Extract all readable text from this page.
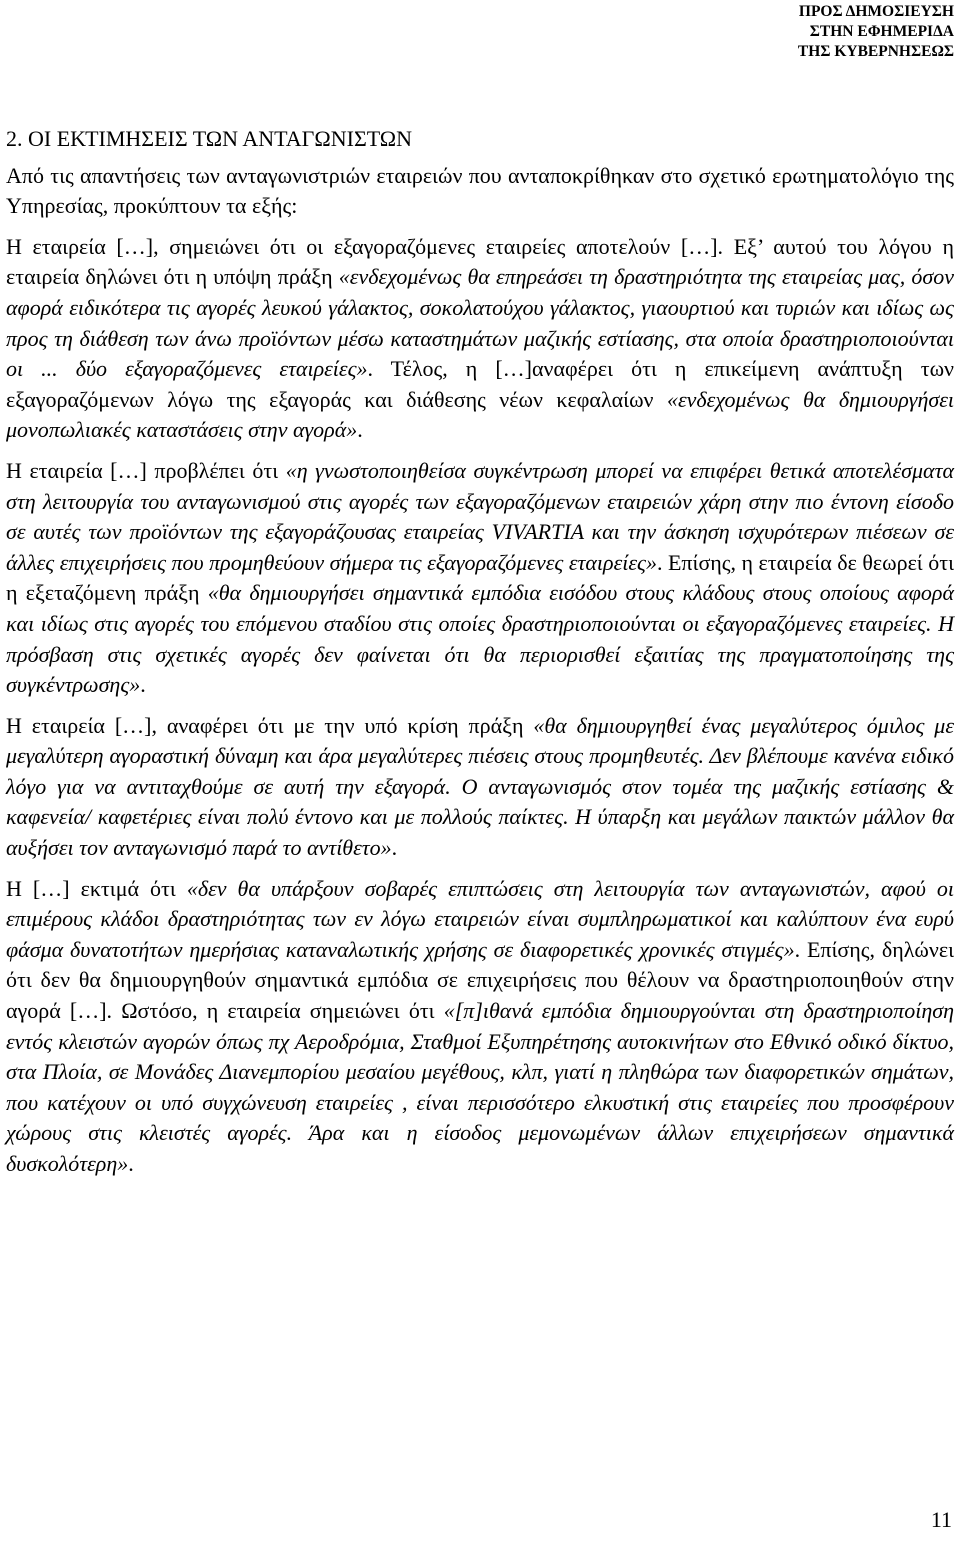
ΠΡΟΣ ΔΗΜΟΣΙΕΥΣΗ
ΣΤΗΝ ΕΦΗΜΕΡΙΔΑ
ΤΗΣ ΚΥΒΕΡΝΗΣΕΩΣ
2. ΟΙ ΕΚΤΙΜΗΣΕΙΣ ΤΩΝ ΑΝΤΑΓΩΝΙΣΤΩΝ

Από τις απαντήσεις των ανταγωνιστριών εταιρειών που ανταποκρίθηκαν στο σχετικό ερωτηματολόγιο της Υπηρεσίας, προκύπτουν τα εξής:

Η εταιρεία […], σημειώνει ότι οι εξαγοραζόμενες εταιρείες αποτελούν […]. Εξ’ αυτού του λόγου η εταιρεία δηλώνει ότι η υπόψη πράξη «ενδεχομένως θα επηρεάσει τη δραστηριότητα της εταιρείας μας, όσον αφορά ειδικότερα τις αγορές λευκού γάλακτος, σοκολατούχου γάλακτος, γιαουρτιού και τυριών και ιδίως ως προς τη διάθεση των άνω προϊόντων μέσω καταστημάτων μαζικής εστίασης, στα οποία δραστηριοποιούνται οι ... δύο εξαγοραζόμενες εταιρείες». Τέλος, η […]αναφέρει ότι η επικείμενη ανάπτυξη των εξαγοραζόμενων λόγω της εξαγοράς και διάθεσης νέων κεφαλαίων «ενδεχομένως θα δημιουργήσει μονοπωλιακές καταστάσεις στην αγορά».

Η εταιρεία […] προβλέπει ότι «η γνωστοποιηθείσα συγκέντρωση μπορεί να επιφέρει θετικά αποτελέσματα στη λειτουργία του ανταγωνισμού στις αγορές των εξαγοραζόμενων εταιρειών χάρη στην πιο έντονη είσοδο σε αυτές των προϊόντων της εξαγοράζουσας εταιρείας VIVARTIA και την άσκηση ισχυρότερων πιέσεων σε άλλες επιχειρήσεις που προμηθεύουν σήμερα τις εξαγοραζόμενες εταιρείες». Επίσης, η εταιρεία δε θεωρεί ότι η εξεταζόμενη πράξη «θα δημιουργήσει σημαντικά εμπόδια εισόδου στους κλάδους στους οποίους αφορά και ιδίως στις αγορές του επόμενου σταδίου στις οποίες δραστηριοποιούνται οι εξαγοραζόμενες εταιρείες. Η πρόσβαση στις σχετικές αγορές δεν φαίνεται ότι θα περιορισθεί εξαιτίας της πραγματοποίησης της συγκέντρωσης».

Η εταιρεία […], αναφέρει ότι με την υπό κρίση πράξη «θα δημιουργηθεί ένας μεγαλύτερος όμιλος με μεγαλύτερη αγοραστική δύναμη και άρα μεγαλύτερες πιέσεις στους προμηθευτές. Δεν βλέπουμε κανένα ειδικό λόγο για να αντιταχθούμε σε αυτή την εξαγορά. Ο ανταγωνισμός στον τομέα της μαζικής εστίασης & καφενεία/ καφετέριες είναι πολύ έντονο και με πολλούς παίκτες. Η ύπαρξη και μεγάλων παικτών μάλλον θα αυξήσει τον ανταγωνισμό παρά το αντίθετο».

Η […] εκτιμά ότι «δεν θα υπάρξουν σοβαρές επιπτώσεις στη λειτουργία των ανταγωνιστών, αφού οι επιμέρους κλάδοι δραστηριότητας των εν λόγω εταιρειών είναι συμπληρωματικοί και καλύπτουν ένα ευρύ φάσμα δυνατοτήτων ημερήσιας καταναλωτικής χρήσης σε διαφορετικές χρονικές στιγμές». Επίσης, δηλώνει ότι δεν θα δημιουργηθούν σημαντικά εμπόδια σε επιχειρήσεις που θέλουν να δραστηριοποιηθούν στην αγορά […]. Ωστόσο, η εταιρεία σημειώνει ότι «[π]ιθανά εμπόδια δημιουργούνται στη δραστηριοποίηση εντός κλειστών αγορών όπως πχ Αεροδρόμια, Σταθμοί Εξυπηρέτησης αυτοκινήτων στο Εθνικό οδικό δίκτυο, στα Πλοία, σε Μονάδες Διανεμπορίου μεσαίου μεγέθους, κλπ, γιατί η πληθώρα των διαφορετικών σημάτων, που κατέχουν οι υπό συγχώνευση εταιρείες , είναι περισσότερο ελκυστική στις εταιρείες που προσφέρουν χώρους στις κλειστές αγορές. Άρα και η είσοδος μεμονωμένων άλλων επιχειρήσεων σημαντικά δυσκολότερη».

11
